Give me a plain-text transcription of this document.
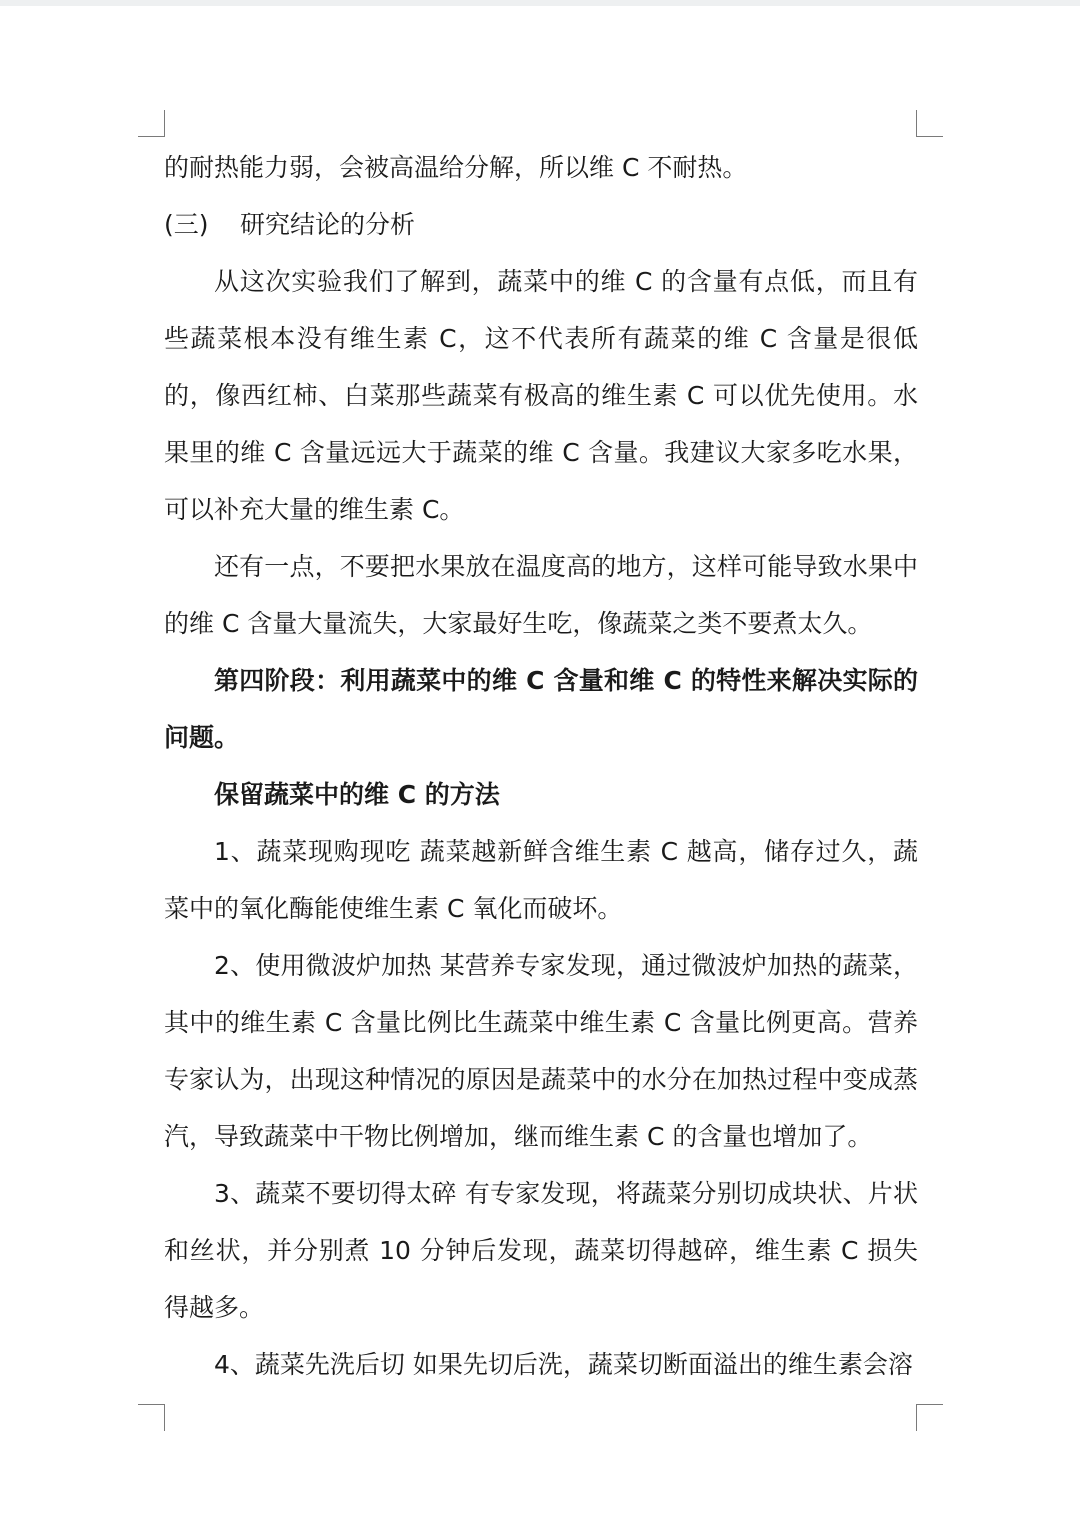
的耐热能力弱，会被高温给分解，所以维 C 不耐热。

(三) 研究结论的分析

从这次实验我们了解到，蔬菜中的维 C 的含量有点低，而且有些蔬菜根本没有维生素 C，这不代表所有蔬菜的维 C 含量是很低的，像西红柿、白菜那些蔬菜有极高的维生素 C 可以优先使用。水果里的维 C 含量远远大于蔬菜的维 C 含量。我建议大家多吃水果，可以补充大量的维生素 C。

还有一点，不要把水果放在温度高的地方，这样可能导致水果中的维 C 含量大量流失，大家最好生吃，像蔬菜之类不要煮太久。

第四阶段：利用蔬菜中的维 C 含量和维 C 的特性来解决实际的问题。

保留蔬菜中的维 C 的方法

1、蔬菜现购现吃 蔬菜越新鲜含维生素 C 越高，储存过久，蔬菜中的氧化酶能使维生素 C 氧化而破坏。

2、使用微波炉加热 某营养专家发现，通过微波炉加热的蔬菜，其中的维生素 C 含量比例比生蔬菜中维生素 C 含量比例更高。营养专家认为，出现这种情况的原因是蔬菜中的水分在加热过程中变成蒸汽，导致蔬菜中干物比例增加，继而维生素 C 的含量也增加了。

3、蔬菜不要切得太碎 有专家发现，将蔬菜分别切成块状、片状和丝状，并分别煮 10 分钟后发现，蔬菜切得越碎，维生素 C 损失得越多。

4、蔬菜先洗后切 如果先切后洗，蔬菜切断面溢出的维生素会溶
